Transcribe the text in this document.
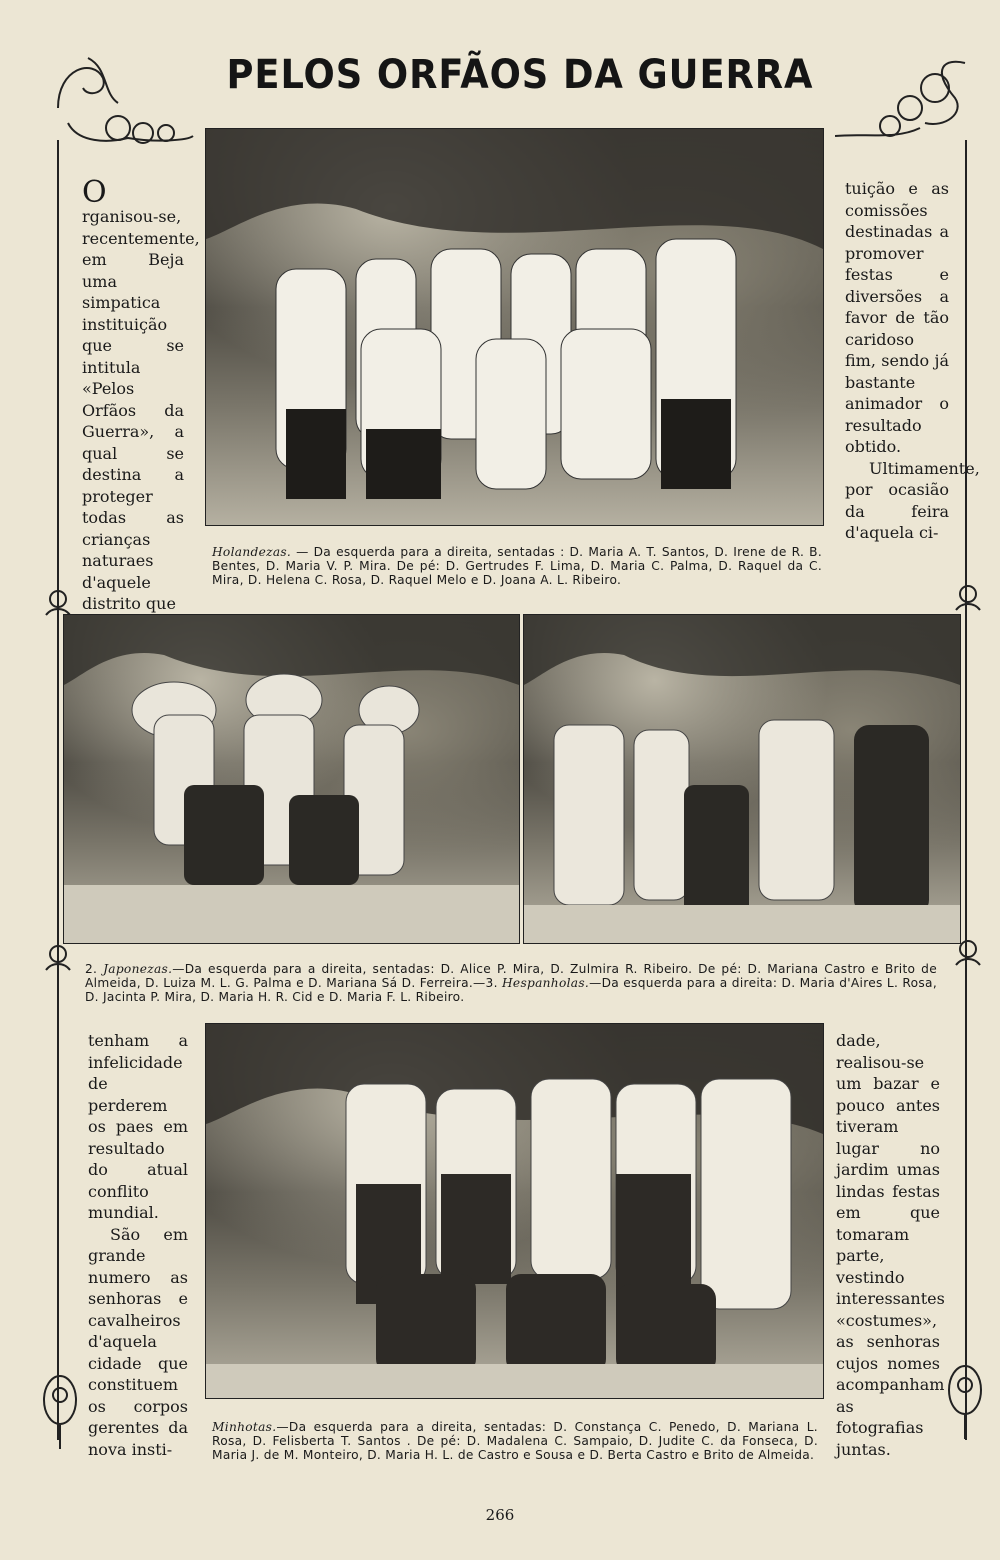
PELOS ORFÃOS DA GUERRA

O
rganisou-se, recentemente, em Beja uma simpatica instituição que se intitula «Pelos Orfãos da Guerra», a qual se destina a proteger todas as crianças naturaes d'aquele distrito que

tuição e as comissões destinadas a promover festas e diversões a favor de tão caridoso fim, sendo já bastante animador o resultado obtido.

Ultimamente, por ocasião da feira d'aquela ci-

Holandezas. — Da esquerda para a direita, sentadas : D. Maria A. T. Santos, D. Irene de R. B. Bentes, D. Maria V. P. Mira. De pé: D. Gertrudes F. Lima, D. Maria C. Palma, D. Raquel da C. Mira, D. Helena C. Rosa, D. Raquel Melo e D. Joana A. L. Ribeiro.
2. Japonezas.—Da esquerda para a direita, sentadas: D. Alice P. Mira, D. Zulmira R. Ribeiro. De pé: D. Mariana Castro e Brito de Almeida, D. Luiza M. L. G. Palma e D. Mariana Sá D. Ferreira.—3. Hespanholas.—Da esquerda para a direita: D. Maria d'Aires L. Rosa, D. Jacinta P. Mira, D. Maria H. R. Cid e D. Maria F. L. Ribeiro.

tenham a infelicidade de perderem os paes em resultado do atual conflito mundial.

São em grande numero as senhoras e cavalheiros d'aquela cidade que constituem os corpos gerentes da nova insti-

dade, realisou-se um bazar e pouco antes tiveram lugar no jardim umas lindas festas em que tomaram parte, vestindo interessantes «costumes», as senhoras cujos nomes acompanham as fotografias juntas.

Minhotas.—Da esquerda para a direita, sentadas: D. Constança C. Penedo, D. Mariana L. Rosa, D. Felisberta T. Santos . De pé: D. Madalena C. Sampaio, D. Judite C. da Fonseca, D. Maria J. de M. Monteiro, D. Maria H. L. de Castro e Sousa e D. Berta Castro e Brito de Almeida.
266
